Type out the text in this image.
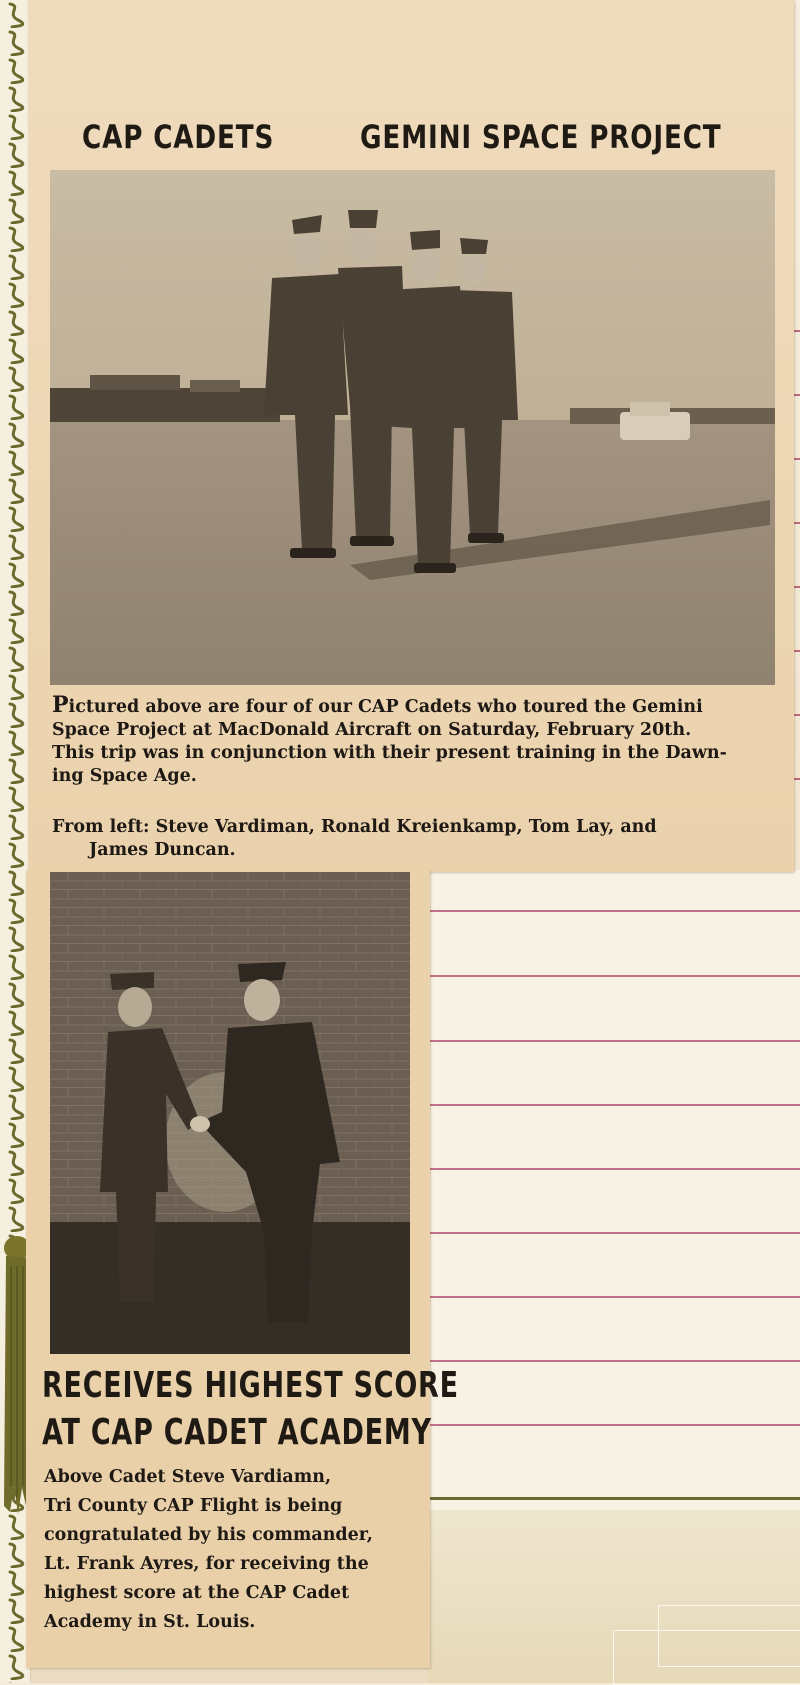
CAP CADETS	GEMINI SPACE PROJECT

Pictured above are four of our CAP Cadets who toured the Gemini

Space Project at MacDonald Aircraft on Saturday, February 20th.

This trip was in conjunction with their present training in the Dawn-

ing Space Age.

From left: Steve Vardiman, Ronald Kreienkamp, Tom Lay, and

James Duncan.

RECEIVES HIGHEST SCORE
AT CAP CADET ACADEMY

Above Cadet Steve Vardiamn,

Tri County CAP Flight is being

congratulated by his commander,

Lt. Frank Ayres, for receiving the

highest score at the CAP Cadet

Academy in St. Louis.
